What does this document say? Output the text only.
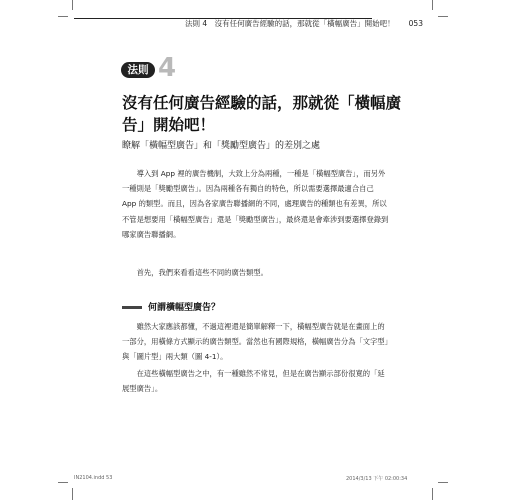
法則 4　沒有任何廣告經驗的話，那就從「橫幅廣告」開始吧！ 053
法則 4
沒有任何廣告經驗的話，那就從「橫幅廣告」開始吧！
瞭解「橫幅型廣告」和「獎勵型廣告」的差別之處

導入到 App 裡的廣告機制，大致上分為兩種，一種是「橫幅型廣告」，而另外一種則是「獎勵型廣告」。因為兩種各有獨自的特色，所以需要選擇最適合自己 App 的類型。而且，因為各家廣告聯播網的不同，處理廣告的種類也有差異，所以不管是想要用「橫幅型廣告」還是「獎勵型廣告」，最終還是會牽涉到要選擇登錄到哪家廣告聯播網。

首先，我們來看看這些不同的廣告類型。

何謂橫幅型廣告？

雖然大家應該都懂，不過這裡還是簡單解釋一下，橫幅型廣告就是在畫面上的一部分，用橫條方式顯示的廣告類型。當然也有國際規格，橫幅廣告分為「文字型」與「圖片型」兩大類（圖 4-1）。

在這些橫幅型廣告之中，有一種雖然不常見，但是在廣告顯示部份很寬的「延展型廣告」。

IN2104.indd 53	2014/3/13 下午 02:00:34
